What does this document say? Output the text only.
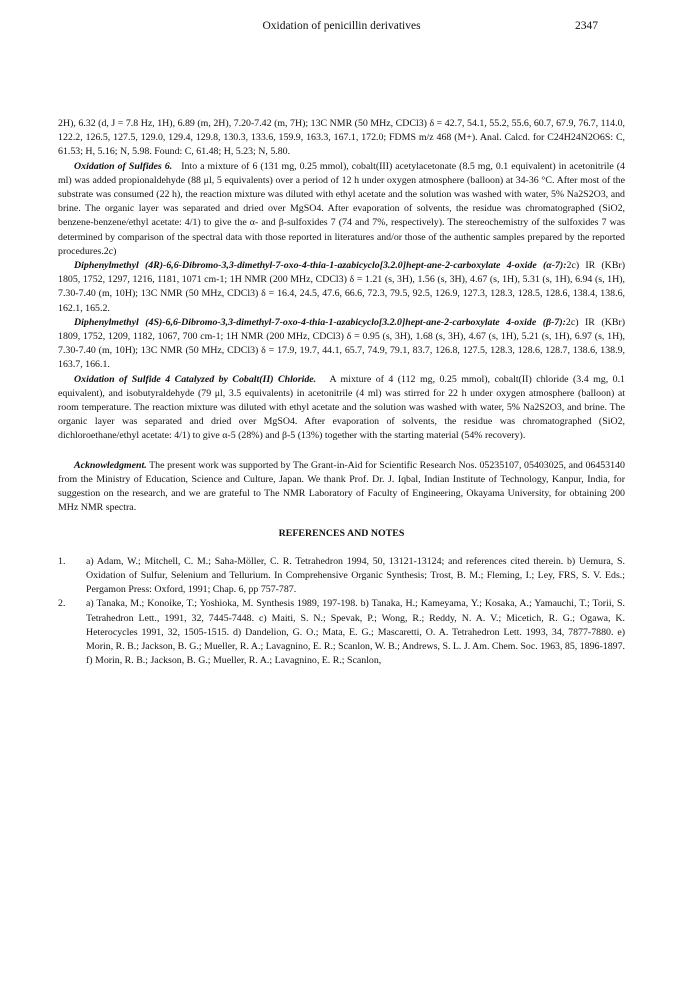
Oxidation of penicillin derivatives	2347

2H), 6.32 (d, J = 7.8 Hz, 1H), 6.89 (m, 2H), 7.20-7.42 (m, 7H); 13C NMR (50 MHz, CDCl3) δ = 42.7, 54.1, 55.2, 55.6, 60.7, 67.9, 76.7, 114.0, 122.2, 126.5, 127.5, 129.0, 129.4, 129.8, 130.3, 133.6, 159.9, 163.3, 167.1, 172.0; FDMS m/z 468 (M+). Anal. Calcd. for C24H24N2O6S: C, 61.53; H, 5.16; N, 5.98. Found: C, 61.48; H, 5.23; N, 5.80.

Oxidation of Sulfides 6. Into a mixture of 6 (131 mg, 0.25 mmol), cobalt(III) acetylacetonate (8.5 mg, 0.1 equivalent) in acetonitrile (4 ml) was added propionaldehyde (88 μl, 5 equivalents) over a period of 12 h under oxygen atmosphere (balloon) at 34-36 °C. After most of the substrate was consumed (22 h), the reaction mixture was diluted with ethyl acetate and the solution was washed with water, 5% Na2S2O3, and brine. The organic layer was separated and dried over MgSO4. After evaporation of solvents, the residue was chromatographed (SiO2, benzene-benzene/ethyl acetate: 4/1) to give the α- and β-sulfoxides 7 (74 and 7%, respectively). The stereochemistry of the sulfoxides 7 was determined by comparison of the spectral data with those reported in literatures and/or those of the authentic samples prepared by the reported procedures.2c)

Diphenylmethyl (4R)-6,6-Dibromo-3,3-dimethyl-7-oxo-4-thia-1-azabicyclo[3.2.0]hept-ane-2-carboxylate 4-oxide (α-7):2c) IR (KBr) 1805, 1752, 1297, 1216, 1181, 1071 cm-1; 1H NMR (200 MHz, CDCl3) δ = 1.21 (s, 3H), 1.56 (s, 3H), 4.67 (s, 1H), 5.31 (s, 1H), 6.94 (s, 1H), 7.30-7.40 (m, 10H); 13C NMR (50 MHz, CDCl3) δ = 16.4, 24.5, 47.6, 66.6, 72.3, 79.5, 92.5, 126.9, 127.3, 128.3, 128.5, 128.6, 138.4, 138.6, 162.1, 165.2.

Diphenylmethyl (4S)-6,6-Dibromo-3,3-dimethyl-7-oxo-4-thia-1-azabicyclo[3.2.0]hept-ane-2-carboxylate 4-oxide (β-7):2c) IR (KBr) 1809, 1752, 1209, 1182, 1067, 700 cm-1; 1H NMR (200 MHz, CDCl3) δ = 0.95 (s, 3H), 1.68 (s, 3H), 4.67 (s, 1H), 5.21 (s, 1H), 6.97 (s, 1H), 7.30-7.40 (m, 10H); 13C NMR (50 MHz, CDCl3) δ = 17.9, 19.7, 44.1, 65.7, 74.9, 79.1, 83.7, 126.8, 127.5, 128.3, 128.6, 128.7, 138.6, 138.9, 163.7, 166.1.

Oxidation of Sulfide 4 Catalyzed by Cobalt(II) Chloride. A mixture of 4 (112 mg, 0.25 mmol), cobalt(II) chloride (3.4 mg, 0.1 equivalent), and isobutyraldehyde (79 μl, 3.5 equivalents) in acetonitrile (4 ml) was stirred for 22 h under oxygen atmosphere (balloon) at room temperature. The reaction mixture was diluted with ethyl acetate and the solution was washed with water, 5% Na2S2O3, and brine. The organic layer was separated and dried over MgSO4. After evaporation of solvents, the residue was chromatographed (SiO2, dichloroethane/ethyl acetate: 4/1) to give α-5 (28%) and β-5 (13%) together with the starting material (54% recovery).

Acknowledgment. The present work was supported by The Grant-in-Aid for Scientific Research Nos. 05235107, 05403025, and 06453140 from the Ministry of Education, Science and Culture, Japan. We thank Prof. Dr. J. Iqbal, Indian Institute of Technology, Kanpur, India, for suggestion on the research, and we are grateful to The NMR Laboratory of Faculty of Engineering, Okayama University, for obtaining 200 MHz NMR spectra.

REFERENCES AND NOTES
1. a) Adam, W.; Mitchell, C. M.; Saha-Möller, C. R. Tetrahedron 1994, 50, 13121-13124; and references cited therein. b) Uemura, S. Oxidation of Sulfur, Selenium and Tellurium. In Comprehensive Organic Synthesis; Trost, B. M.; Fleming, I.; Ley, FRS, S. V. Eds.; Pergamon Press: Oxford, 1991; Chap. 6, pp 757-787.
2. a) Tanaka, M.; Konoike, T.; Yoshioka, M. Synthesis 1989, 197-198. b) Tanaka, H.; Kameyama, Y.; Kosaka, A.; Yamauchi, T.; Torii, S. Tetrahedron Lett., 1991, 32, 7445-7448. c) Maiti, S. N.; Spevak, P.; Wong, R.; Reddy, N. A. V.; Micetich, R. G.; Ogawa, K. Heterocycles 1991, 32, 1505-1515. d) Dandelion, G. O.; Mata, E. G.; Mascaretti, O. A. Tetrahedron Lett. 1993, 34, 7877-7880. e) Morin, R. B.; Jackson, B. G.; Mueller, R. A.; Lavagnino, E. R.; Scanlon, W. B.; Andrews, S. L. J. Am. Chem. Soc. 1963, 85, 1896-1897. f) Morin, R. B.; Jackson, B. G.; Mueller, R. A.; Lavagnino, E. R.; Scanlon,
